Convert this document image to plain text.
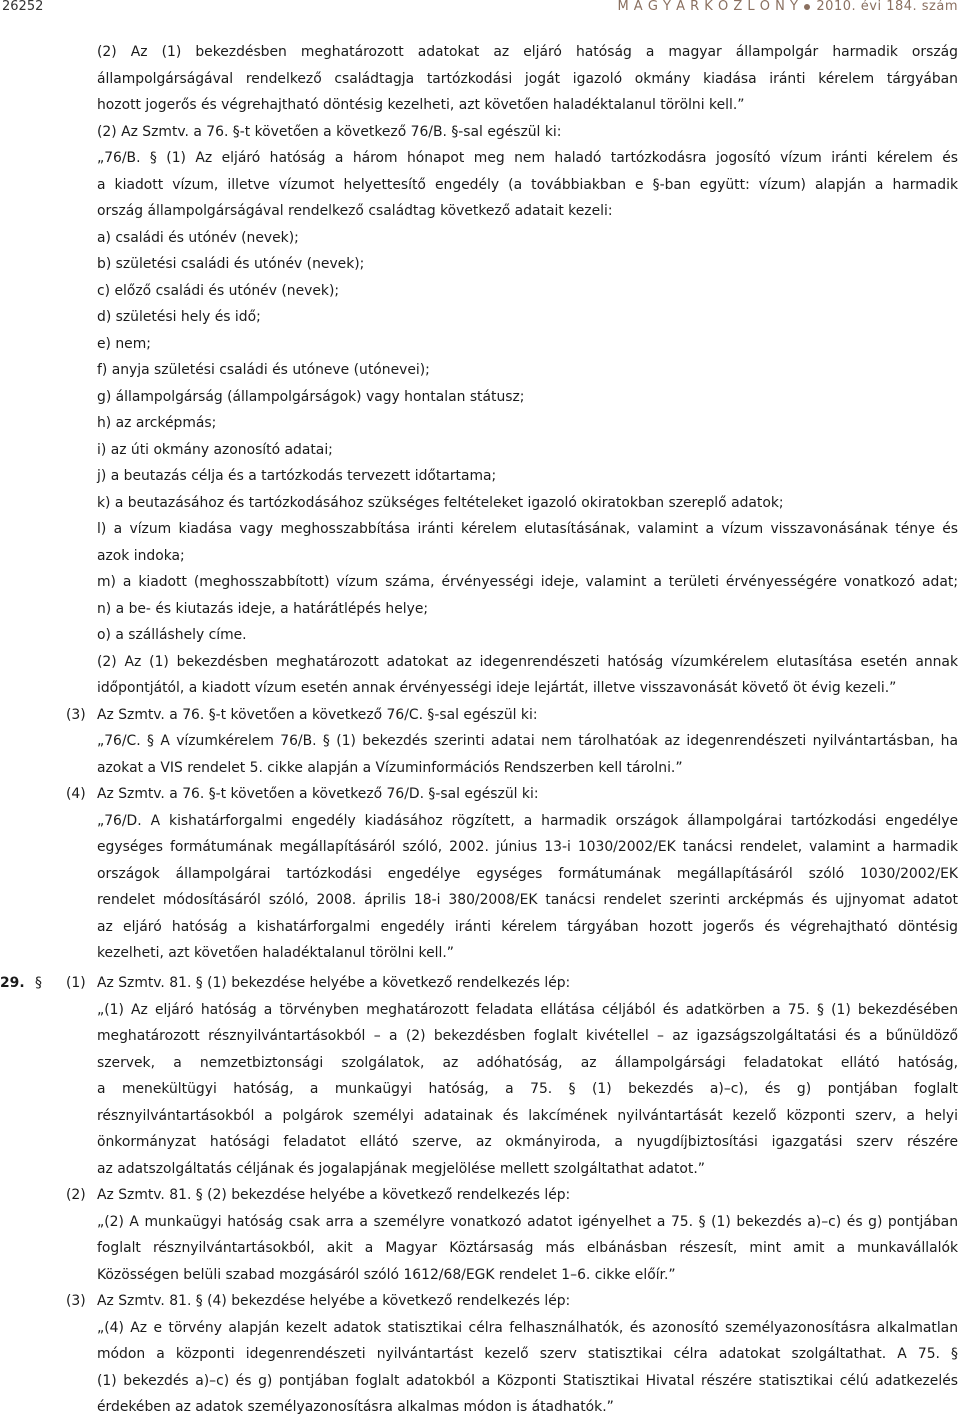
26252	M A G Y A R K Ö Z L Ö N Y 2010. évi 184. szám
(2) Az (1) bekezdésben meghatározott adatokat az eljáró hatóság a magyar állampolgár harmadik ország
állampolgárságával rendelkező családtagja tartózkodási jogát igazoló okmány kiadása iránti kérelem tárgyában
hozott jogerős és végrehajtható döntésig kezelheti, azt követően haladéktalanul törölni kell.”
(2) Az Szmtv. a 76. §-t követően a következő 76/B. §-sal egészül ki:
„76/B. § (1) Az eljáró hatóság a három hónapot meg nem haladó tartózkodásra jogosító vízum iránti kérelem és
a kiadott vízum, illetve vízumot helyettesítő engedély (a továbbiakban e §-ban együtt: vízum) alapján a harmadik
ország állampolgárságával rendelkező családtag következő adatait kezeli:
a) családi és utónév (nevek);
b) születési családi és utónév (nevek);
c) előző családi és utónév (nevek);
d) születési hely és idő;
e) nem;
f) anyja születési családi és utóneve (utónevei);
g) állampolgárság (állampolgárságok) vagy hontalan státusz;
h) az arcképmás;
i) az úti okmány azonosító adatai;
j) a beutazás célja és a tartózkodás tervezett időtartama;
k) a beutazásához és tartózkodásához szükséges feltételeket igazoló okiratokban szereplő adatok;
l) a vízum kiadása vagy meghosszabbítása iránti kérelem elutasításának, valamint a vízum visszavonásának ténye és
azok indoka;
m) a kiadott (meghosszabbított) vízum száma, érvényességi ideje, valamint a területi érvényességére vonatkozó adat;
n) a be- és kiutazás ideje, a határátlépés helye;
o) a szálláshely címe.
(2) Az (1) bekezdésben meghatározott adatokat az idegenrendészeti hatóság vízumkérelem elutasítása esetén annak
időpontjától, a kiadott vízum esetén annak érvényességi ideje lejártát, illetve visszavonását követő öt évig kezeli.”
(3) Az Szmtv. a 76. §-t követően a következő 76/C. §-sal egészül ki:
„76/C. § A vízumkérelem 76/B. § (1) bekezdés szerinti adatai nem tárolhatóak az idegenrendészeti nyilvántartásban, ha
azokat a VIS rendelet 5. cikke alapján a Vízuminformációs Rendszerben kell tárolni.”
(4) Az Szmtv. a 76. §-t követően a következő 76/D. §-sal egészül ki:
„76/D. A kishatárforgalmi engedély kiadásához rögzített, a harmadik országok állampolgárai tartózkodási engedélye
egységes formátumának megállapításáról szóló, 2002. június 13-i 1030/2002/EK tanácsi rendelet, valamint a harmadik
országok állampolgárai tartózkodási engedélye egységes formátumának megállapításáról szóló 1030/2002/EK
rendelet módosításáról szóló, 2008. április 18-i 380/2008/EK tanácsi rendelet szerinti arcképmás és ujjnyomat adatot
az eljáró hatóság a kishatárforgalmi engedély iránti kérelem tárgyában hozott jogerős és végrehajtható döntésig
kezelheti, azt követően haladéktalanul törölni kell.”
29. § (1) Az Szmtv. 81. § (1) bekezdése helyébe a következő rendelkezés lép:
„(1) Az eljáró hatóság a törvényben meghatározott feladata ellátása céljából és adatkörben a 75. § (1) bekezdésében
meghatározott résznyilvántartásokból – a (2) bekezdésben foglalt kivétellel – az igazságszolgáltatási és a bűnüldöző
szervek, a nemzetbiztonsági szolgálatok, az adóhatóság, az állampolgársági feladatokat ellátó hatóság,
a menekültügyi hatóság, a munkaügyi hatóság, a 75. § (1) bekezdés a)–c), és g) pontjában foglalt
résznyilvántartásokból a polgárok személyi adatainak és lakcímének nyilvántartását kezelő központi szerv, a helyi
önkormányzat hatósági feladatot ellátó szerve, az okmányiroda, a nyugdíjbiztosítási igazgatási szerv részére
az adatszolgáltatás céljának és jogalapjának megjelölése mellett szolgáltathat adatot.”
(2) Az Szmtv. 81. § (2) bekezdése helyébe a következő rendelkezés lép:
„(2) A munkaügyi hatóság csak arra a személyre vonatkozó adatot igényelhet a 75. § (1) bekezdés a)–c) és g) pontjában
foglalt résznyilvántartásokból, akit a Magyar Köztársaság más elbánásban részesít, mint amit a munkavállalók
Közösségen belüli szabad mozgásáról szóló 1612/68/EGK rendelet 1–6. cikke előír.”
(3) Az Szmtv. 81. § (4) bekezdése helyébe a következő rendelkezés lép:
„(4) Az e törvény alapján kezelt adatok statisztikai célra felhasználhatók, és azonosító személyazonosításra alkalmatlan
módon a központi idegenrendészeti nyilvántartást kezelő szerv statisztikai célra adatokat szolgáltathat. A 75. §
(1) bekezdés a)–c) és g) pontjában foglalt adatokból a Központi Statisztikai Hivatal részére statisztikai célú adatkezelés
érdekében az adatok személyazonosításra alkalmas módon is átadhatók.”
